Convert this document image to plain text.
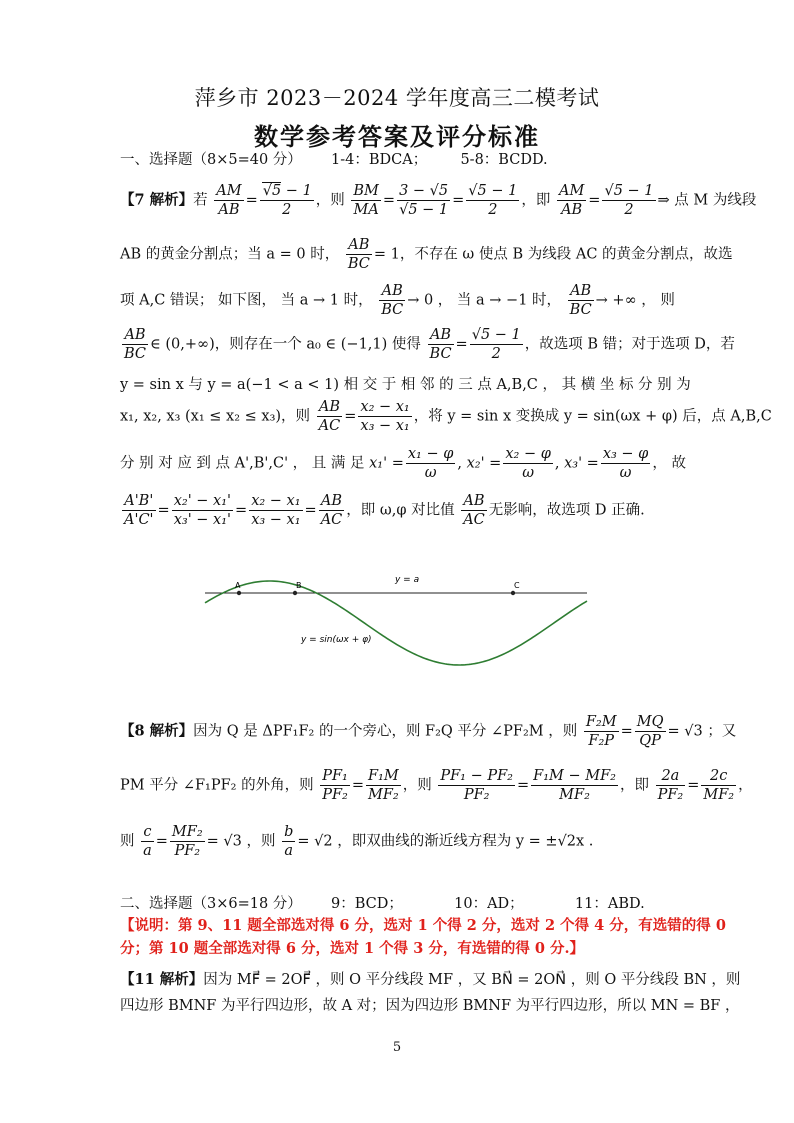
萍乡市 2023－2024 学年度高三二模考试
数学参考答案及评分标准
一、选择题（8×5=40 分） 1-4：BDCA； 5-8：BCDD.
【7 解析】若 $\frac{AM}{AB} = \frac{√5 - 1}{2}$ ，则 $\frac{BM}{MA} = \frac{3 - √5}{√5 - 1} = \frac{√5 - 1}{2}$ ，即 $\frac{AM}{AB} = \frac{√5 - 1}{2}$ ⇒ 点 M 为线段
AB 的黄金分割点；当 a = 0 时， $\frac{AB}{BC} = 1$，不存在 ω 使点 B 为线段 AC 的黄金分割点，故选
项 A,C 错误； 如下图， 当 a → 1 时， $\frac{AB}{BC} \to 0$ ， 当 a → −1 时， $\frac{AB}{BC}$ → +∞ ， 则
$\frac{AB}{BC}$ ∈ (0,+∞)，则存在一个 a₀ ∈ (−1,1) 使得 $\frac{AB}{BC} = \frac{√5 - 1}{2}$ ，故选项 B 错；对于选项 D，若
y = sin x 与 y = a(−1 < a < 1) 相 交 于 相 邻 的 三 点 A,B,C ， 其 横 坐 标 分 别 为
x₁, x₂, x₃ (x₁ ≤ x₂ ≤ x₃)，则 $\frac{AB}{AC} = \frac{\text{x₂ − x₁}}{\text{x₃ − x₁}}$ ，将 y = sin x 变换成 y = sin(ωx + φ) 后，点 A,B,C
分 别 对 应 到 点 A',B',C' ， 且 满 足 $x_1' = \frac{\text{x₁ − φ}}{\omega}$ , $x_2' = \frac{\text{x₂ − φ}}{\omega}$ , $x_3' = \frac{\text{x₃ − φ}}{\omega}$ ， 故
$\frac{A'B'}{A'C'} = \frac{\text{x₂' − x₁'}}{\text{x₃' − x₁'}} = \frac{\text{x₂ − x₁}}{\text{x₃ − x₁}} = \frac{AB}{AC}$ ，即 ω,φ 对比值 $\frac{AB}{AC}$ 无影响，故选项 D 正确.
A	B	C
y = a
y = sin(ωx + φ)
【8 解析】因为 Q 是 ΔPF₁F₂ 的一个旁心，则 F₂Q 平分 ∠PF₂M ，则 $\frac{\text{F₂M}}{\text{F₂P}} = \frac{MQ}{QP} = √3$ ；又
PM 平分 ∠F₁PF₂ 的外角，则 $\frac{\text{PF₁}}{\text{PF₂}} = \frac{\text{F₁M}}{\text{MF₂}}$ ，则 $\frac{\text{PF₁ − PF₂}}{\text{PF₂}} = \frac{\text{F₁M − MF₂}}{\text{MF₂}}$ ，即 $\frac{2a}{\text{PF₂}} = \frac{2c}{\text{MF₂}}$ ，
则 $\frac{c}{a} = \frac{\text{MF₂}}{\text{PF₂}} = √3$ ，则 $\frac{b}{a} = √2$ ，即双曲线的渐近线方程为 y = ±√2x .
二、选择题（3×6=18 分） 9：BCD；	10：AD；	11：ABD.
【说明：第 9、11 题全部选对得 6 分，选对 1 个得 2 分，选对 2 个得 4 分，有选错的得 0
分；第 10 题全部选对得 6 分，选对 1 个得 3 分，有选错的得 0 分.】
【11 解析】因为 MF⃗ = 2OF⃗ ，则 O 平分线段 MF ，又 BN⃗ = 2ON⃗ ，则 O 平分线段 BN ，则
四边形 BMNF 为平行四边形，故 A 对；因为四边形 BMNF 为平行四边形，所以 MN = BF ，
5
